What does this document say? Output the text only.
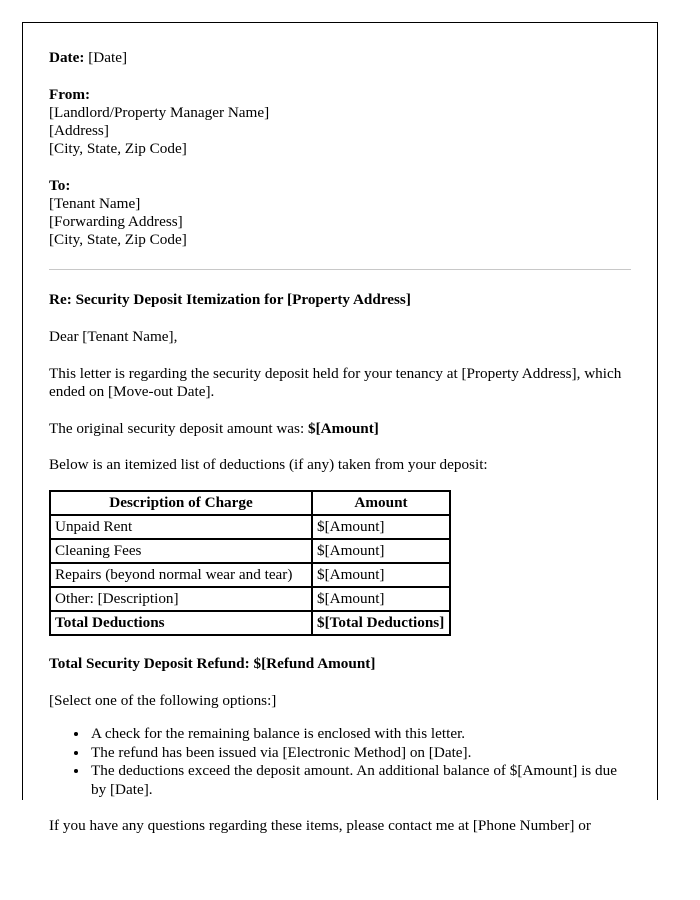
Date: [Date]
From:
[Landlord/Property Manager Name]
[Address]
[City, State, Zip Code]
To:
[Tenant Name]
[Forwarding Address]
[City, State, Zip Code]
Re: Security Deposit Itemization for [Property Address]

Dear [Tenant Name],

This letter is regarding the security deposit held for your tenancy at [Property Address], which ended on [Move-out Date].

The original security deposit amount was: $[Amount]

Below is an itemized list of deductions (if any) taken from your deposit:

Description of Charge	Amount
Unpaid Rent	$[Amount]
Cleaning Fees	$[Amount]
Repairs (beyond normal wear and tear)	$[Amount]
Other: [Description]	$[Amount]
Total Deductions	$[Total Deductions]
Total Security Deposit Refund: $[Refund Amount]

[Select one of the following options:]

• A check for the remaining balance is enclosed with this letter.
• The refund has been issued via [Electronic Method] on [Date].
• The deductions exceed the deposit amount. An additional balance of $[Amount] is due by [Date].

If you have any questions regarding these items, please contact me at [Phone Number] or
